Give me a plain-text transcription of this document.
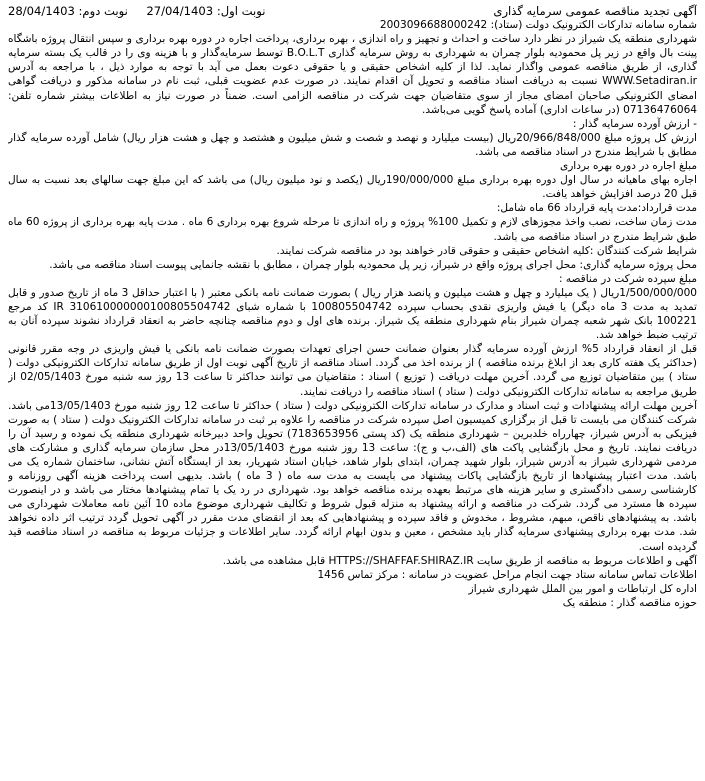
آگهی تجدید مناقصه عمومی سرمایه گذاری
نوبت اول: 27/04/1403     نوبت دوم: 28/04/1403

شماره سامانه تدارکات الکترونیک دولت (ستاد): 2003096688000242

شهرداری منطقه یک شیراز در نظر دارد ساخت و احداث و تجهیز و راه اندازی ، بهره برداری، پرداخت اجاره در دوره بهره برداری و سپس انتقال پروژه باشگاه پینت بال واقع در زیر پل محمودیه بلوار چمران به شهرداری به روش سرمایه گذاری B.O.L.T توسط سرمایه‌گذار و با هزینه وی را در قالب یک بسته سرمایه گذاری، از طریق مناقصه عمومی واگذار نماید. لذا از کلیه اشخاص حقیقی و یا حقوقی دعوت بعمل می آید با توجه به موارد ذیل ، با مراجعه به آدرس WWW.Setadiran.ir نسبت به دریافت اسناد مناقصه و تحویل آن اقدام نمایند. در صورت عدم عضویت قبلی، ثبت نام در سامانه مذکور و دریافت گواهی امضای الکترونیکی صاحبان امضای مجاز از سوی متقاضیان جهت شرکت در مناقصه الزامی است. ضمناً در صورت نیاز به اطلاعات بیشتر شماره تلفن: 07136476064 (در ساعات اداری) آماده پاسخ گویی می‌باشد.

- ارزش آورده سرمایه گذار :

ارزش کل پروژه مبلغ 20/966/848/000ریال (بیست میلیارد و نهصد و شصت و شش میلیون و هشتصد و چهل و هشت هزار ریال) شامل آورده سرمایه گذار مطابق با شرایط مندرج در اسناد مناقصه می باشد.

مبلغ اجاره در دوره بهره برداری

اجاره بهای ماهیانه در سال اول دوره بهره برداری مبلغ 190/000/000ریال (یکصد و نود میلیون ریال) می باشد که این مبلغ جهت سالهای بعد نسبت به سال قبل 20 درصد افزایش خواهد یافت.

مدت قرارداد:مدت پایه قرارداد 66 ماه شامل:

مدت زمان ساخت، نصب واخذ مجوزهای لازم و تکمیل 100% پروژه و راه اندازی تا مرحله شروع بهره برداری 6 ماه . مدت پایه بهره برداری از پروژه 60 ماه طبق شرایط مندرج در اسناد مناقصه می باشد.

شرایط شرکت کنندگان :کلیه اشخاص حقیقی و حقوقی قادر خواهند بود در مناقصه شرکت نمایند.

محل پروژه سرمایه گذاری: محل اجرای پروژه واقع در شیراز، زیر پل محمودیه بلوار چمران ، مطابق با نقشه جانمایی پیوست اسناد مناقصه می باشد.

مبلغ سپرده شرکت در مناقصه :

1/500/000/000ریال ( یک میلیارد و چهل و هشت میلیون و پانصد هزار ریال ) بصورت ضمانت نامه بانکی معتبر ( با اعتبار حداقل 3 ماه از تاریخ صدور و قابل تمدید به مدت 3 ماه دیگر) یا فیش واریزی نقدی بحساب سپرده 100805504742 با شماره شبای IR 310610000000100805504742 کد مرجع 100221 بانک شهر شعبه چمران شیراز بنام شهرداری منطقه یک شیراز. برنده های اول و دوم مناقصه چنانچه حاضر به انعقاد قرارداد نشوند سپرده آنان به ترتیب ضبط خواهد شد.

قبل از انعقاد قرارداد 5% ارزش آورده سرمایه گذار بعنوان ضمانت حسن اجرای تعهدات بصورت ضمانت نامه بانکی یا فیش واریزی در وجه مقرر قانونی (حداکثر یک هفته کاری بعد از ابلاغ برنده مناقصه ) از برنده اخذ می گردد. اسناد مناقصه از تاریخ آگهی نوبت اول از طریق سامانه تدارکات الکترونیکی دولت ( ستاد ) بین متقاضیان توزیع می گردد. آخرین مهلت دریافت ( توزیع ) اسناد : متقاضیان می توانند حداکثر تا ساعت 13 روز سه شنبه مورخ 02/05/1403 از طریق مراجعه به سامانه تدارکات الکترونیکی دولت ( ستاد ) اسناد مناقصه را دریافت نمایند.

آخرین مهلت ارائه پیشنهادات و ثبت اسناد و مدارک در سامانه تدارکات الکترونیکی دولت ( ستاد ) حداکثر تا ساعت 12 روز شنبه مورخ 13/05/1403می باشد. شرکت کنندگان می بایست تا قبل از برگزاری کمیسیون اصل سپرده شرکت در مناقصه را علاوه بر ثبت در سامانه تدارکات الکترونیک دولت ( ستاد ) به صورت فیزیکی به آدرس شیراز، چهارراه خلدبرین – شهرداری منطقه یک (کد پستی 7183653956) تحویل واحد دبیرخانه شهرداری منطقه یک نموده و رسید آن را دریافت نمایند. تاریخ و محل بازگشایی پاکت های (الف،ب و ج): ساعت 13 روز شنبه مورخ 13/05/1403در محل سازمان سرمایه گذاری و مشارکت های مردمی شهرداری شیراز به آدرس شیراز، بلوار شهید چمران، ابتدای بلوار شاهد، خیابان استاد شهریار، بعد از ایستگاه آتش نشانی، ساختمان شماره یک می باشد. مدت اعتبار پیشنهادها از تاریخ بازگشایی پاکات پیشنهاد می بایست به مدت سه ماه ( 3 ماه ) باشد. بدیهی است پرداخت هزینه آگهی روزنامه و کارشناسی رسمی دادگستری و سایر هزینه های مرتبط بعهده برنده مناقصه خواهد بود. شهرداری در رد یک یا تمام پیشنهادها مختار می باشد و در اینصورت سپرده ها مسترد می گردد. شرکت در مناقصه و ارائه پیشنهاد به منزله قبول شروط و تکالیف شهرداری موضوع ماده 10 آئین نامه معاملات شهرداری می باشد. به پیشنهادهای ناقص، مبهم، مشروط ، مخدوش و فاقد سپرده و پیشنهادهایی که بعد از انقضای مدت مقرر در آگهی تحویل گردد ترتیب اثر داده نخواهد شد. مدت بهره برداری پیشنهادی سرمایه گذار باید مشخص ، معین و بدون ابهام ارائه گردد. سایر اطلاعات و جزئیات مربوط به مناقصه در اسناد مناقصه قید گردیده است.

آگهی و اطلاعات مربوط به مناقصه از طریق سایت HTTPS://SHAFFAF.SHIRAZ.IR قابل مشاهده می باشد.

اطلاعات تماس سامانه ستاد جهت انجام مراحل عضویت در سامانه : مرکز تماس 1456

اداره کل ارتباطات و امور بین الملل شهرداری شیراز

حوزه مناقصه گذار : منطقه یک
